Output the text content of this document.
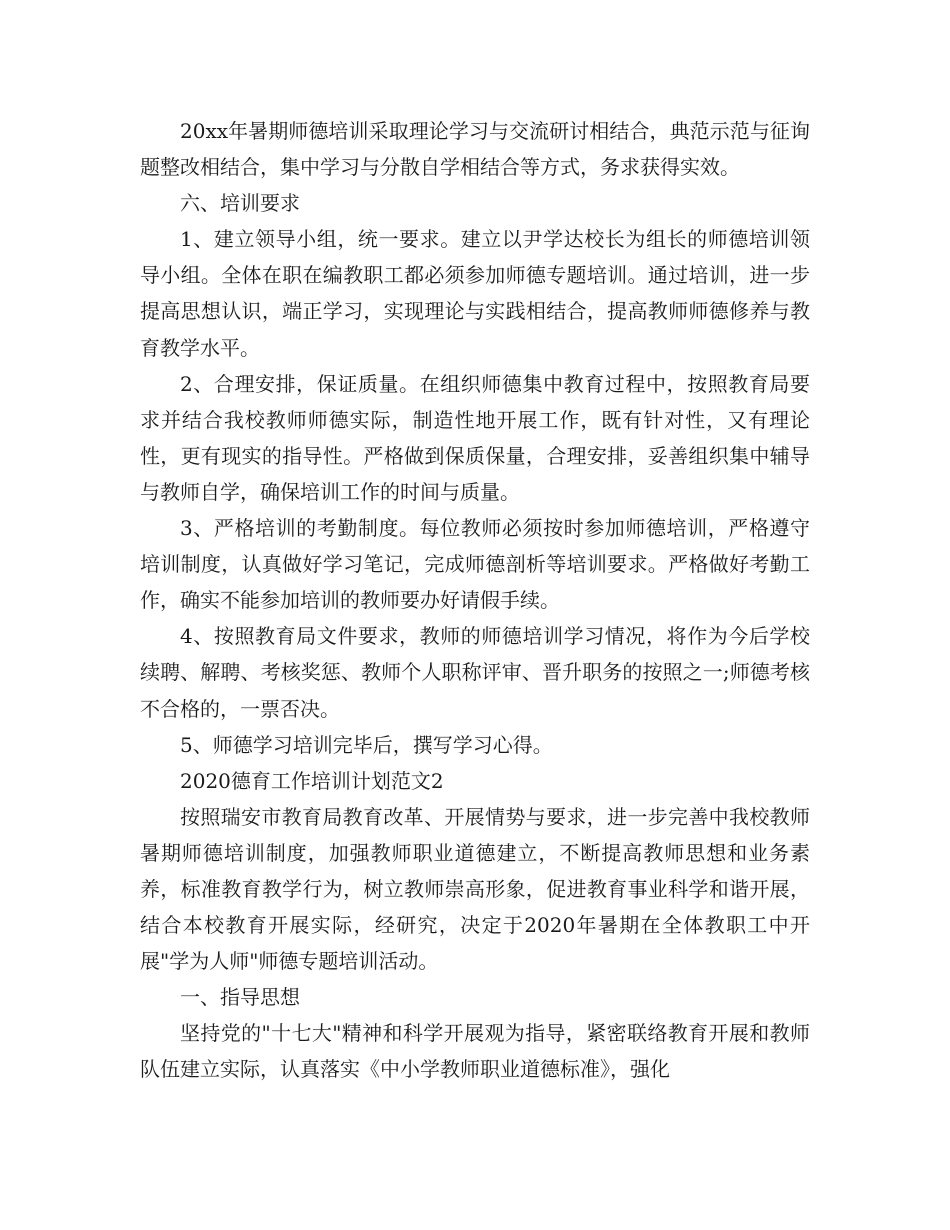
20xx年暑期师德培训采取理论学习与交流研讨相结合，典范示范与征询题整改相结合，集中学习与分散自学相结合等方式，务求获得实效。

六、培训要求

1、建立领导小组，统一要求。建立以尹学达校长为组长的师德培训领导小组。全体在职在编教职工都必须参加师德专题培训。通过培训，进一步提高思想认识，端正学习，实现理论与实践相结合，提高教师师德修养与教育教学水平。

2、合理安排，保证质量。在组织师德集中教育过程中，按照教育局要求并结合我校教师师德实际，制造性地开展工作，既有针对性，又有理论性，更有现实的指导性。严格做到保质保量，合理安排，妥善组织集中辅导与教师自学，确保培训工作的时间与质量。

3、严格培训的考勤制度。每位教师必须按时参加师德培训，严格遵守培训制度，认真做好学习笔记，完成师德剖析等培训要求。严格做好考勤工作，确实不能参加培训的教师要办好请假手续。

4、按照教育局文件要求，教师的师德培训学习情况，将作为今后学校续聘、解聘、考核奖惩、教师个人职称评审、晋升职务的按照之一;师德考核不合格的，一票否决。

5、师德学习培训完毕后，撰写学习心得。

2020德育工作培训计划范文2

按照瑞安市教育局教育改革、开展情势与要求，进一步完善中我校教师暑期师德培训制度，加强教师职业道德建立，不断提高教师思想和业务素养，标准教育教学行为，树立教师崇高形象，促进教育事业科学和谐开展，结合本校教育开展实际，经研究，决定于2020年暑期在全体教职工中开展"学为人师"师德专题培训活动。

一、指导思想

坚持党的"十七大"精神和科学开展观为指导，紧密联络教育开展和教师队伍建立实际，认真落实《中小学教师职业道德标准》，强化
